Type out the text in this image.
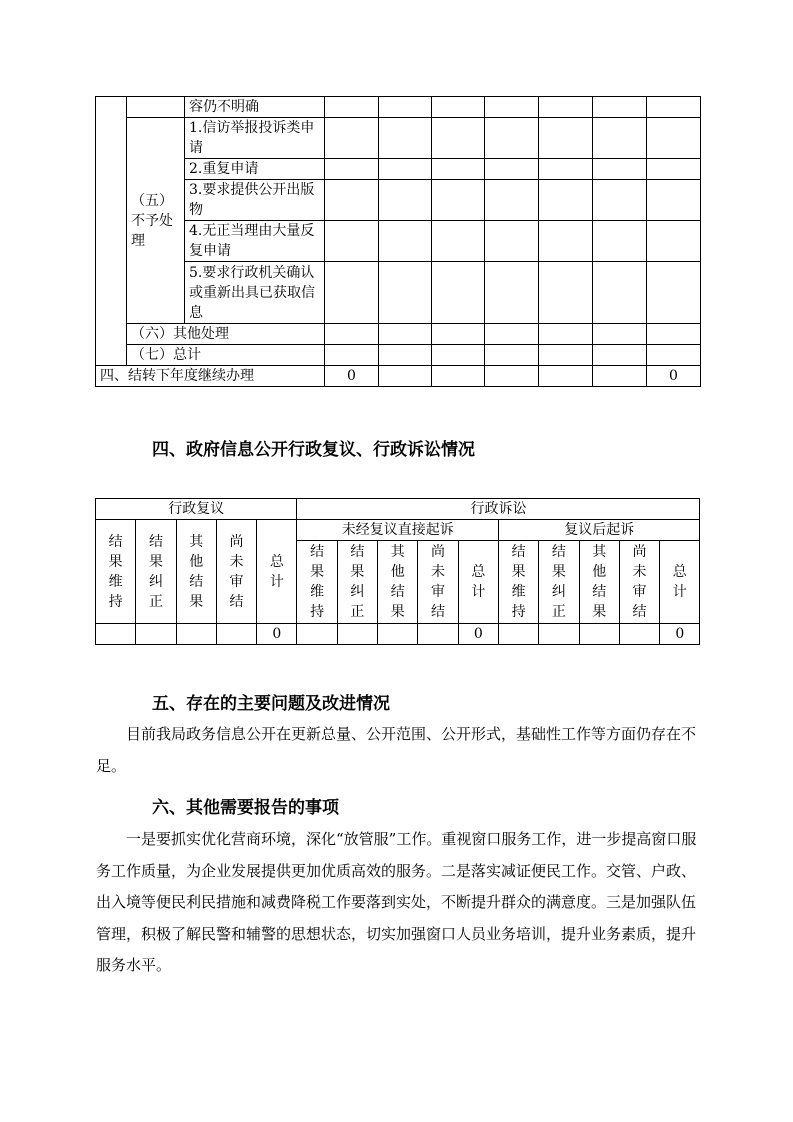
		容仍不明确							
	（五）不予处理	1.信访举报投诉类申请							
		2.重复申请							
		3.要求提供公开出版物							
		4.无正当理由大量反复申请							
		5.要求行政机关确认或重新出具已获取信息							
	（六）其他处理								
	（七）总计								
四、结转下年度继续办理			0						0
四、政府信息公开行政复议、行政诉讼情况
行政复议					行政诉讼									

结果维持	结果纠正	其他结果	尚未审结	总计	未经复议直接起诉					复议后起诉				

					结果维持	结果纠正	其他结果	尚未审结	总计	结果维持	结果纠正	其他结果	尚未审结	总计

				0					0					0
五、存在的主要问题及改进情况

目前我局政务信息公开在更新总量、公开范围、公开形式，基础性工作等方面仍存在不足。

六、其他需要报告的事项

一是要抓实优化营商环境，深化“放管服”工作。重视窗口服务工作，进一步提高窗口服务工作质量，为企业发展提供更加优质高效的服务。二是落实减证便民工作。交管、户政、出入境等便民利民措施和减费降税工作要落到实处，不断提升群众的满意度。三是加强队伍管理，积极了解民警和辅警的思想状态，切实加强窗口人员业务培训，提升业务素质，提升服务水平。
